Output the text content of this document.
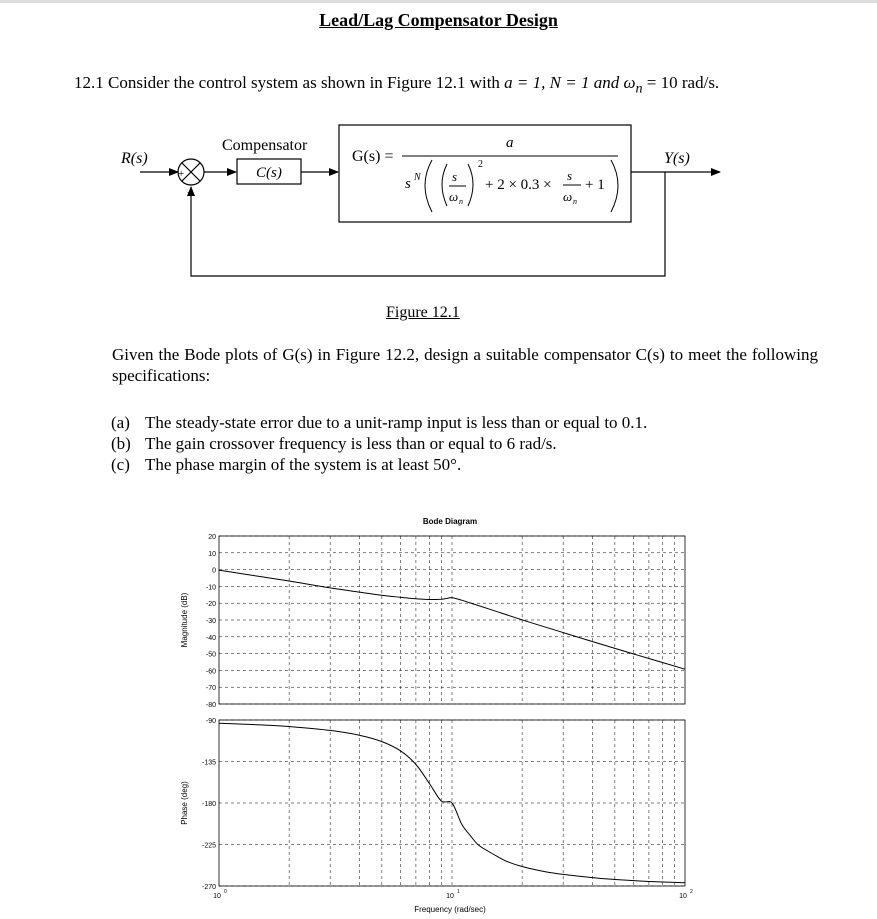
Lead/Lag Compensator Design
12.1 Consider the control system as shown in Figure 12.1 with a = 1, N = 1 and $\omega_n = 10$ rad/s.
R(s)
+
−
Compensator
C(s)
G(s) =
a
s N s
ω n
2
+ 2 × 0.3 ×
s
ω n
+ 1
Y(s)
Bode Diagram
20
10
0
-10
-20
-30
-40
-50
-60
-70
-80
-90
-135
-180
-225
-270
10
0
10
1
10
2
Magnitude (dB)
Phase (deg)
Frequency (rad/sec)
Figure 12.1
Given the Bode plots of G(s) in Figure 12.2, design a suitable compensator C(s) to meet the following specifications:
(a) The steady-state error due to a unit-ramp input is less than or equal to 0.1.
(b) The gain crossover frequency is less than or equal to 6 rad/s.
(c) The phase margin of the system is at least 50°.
